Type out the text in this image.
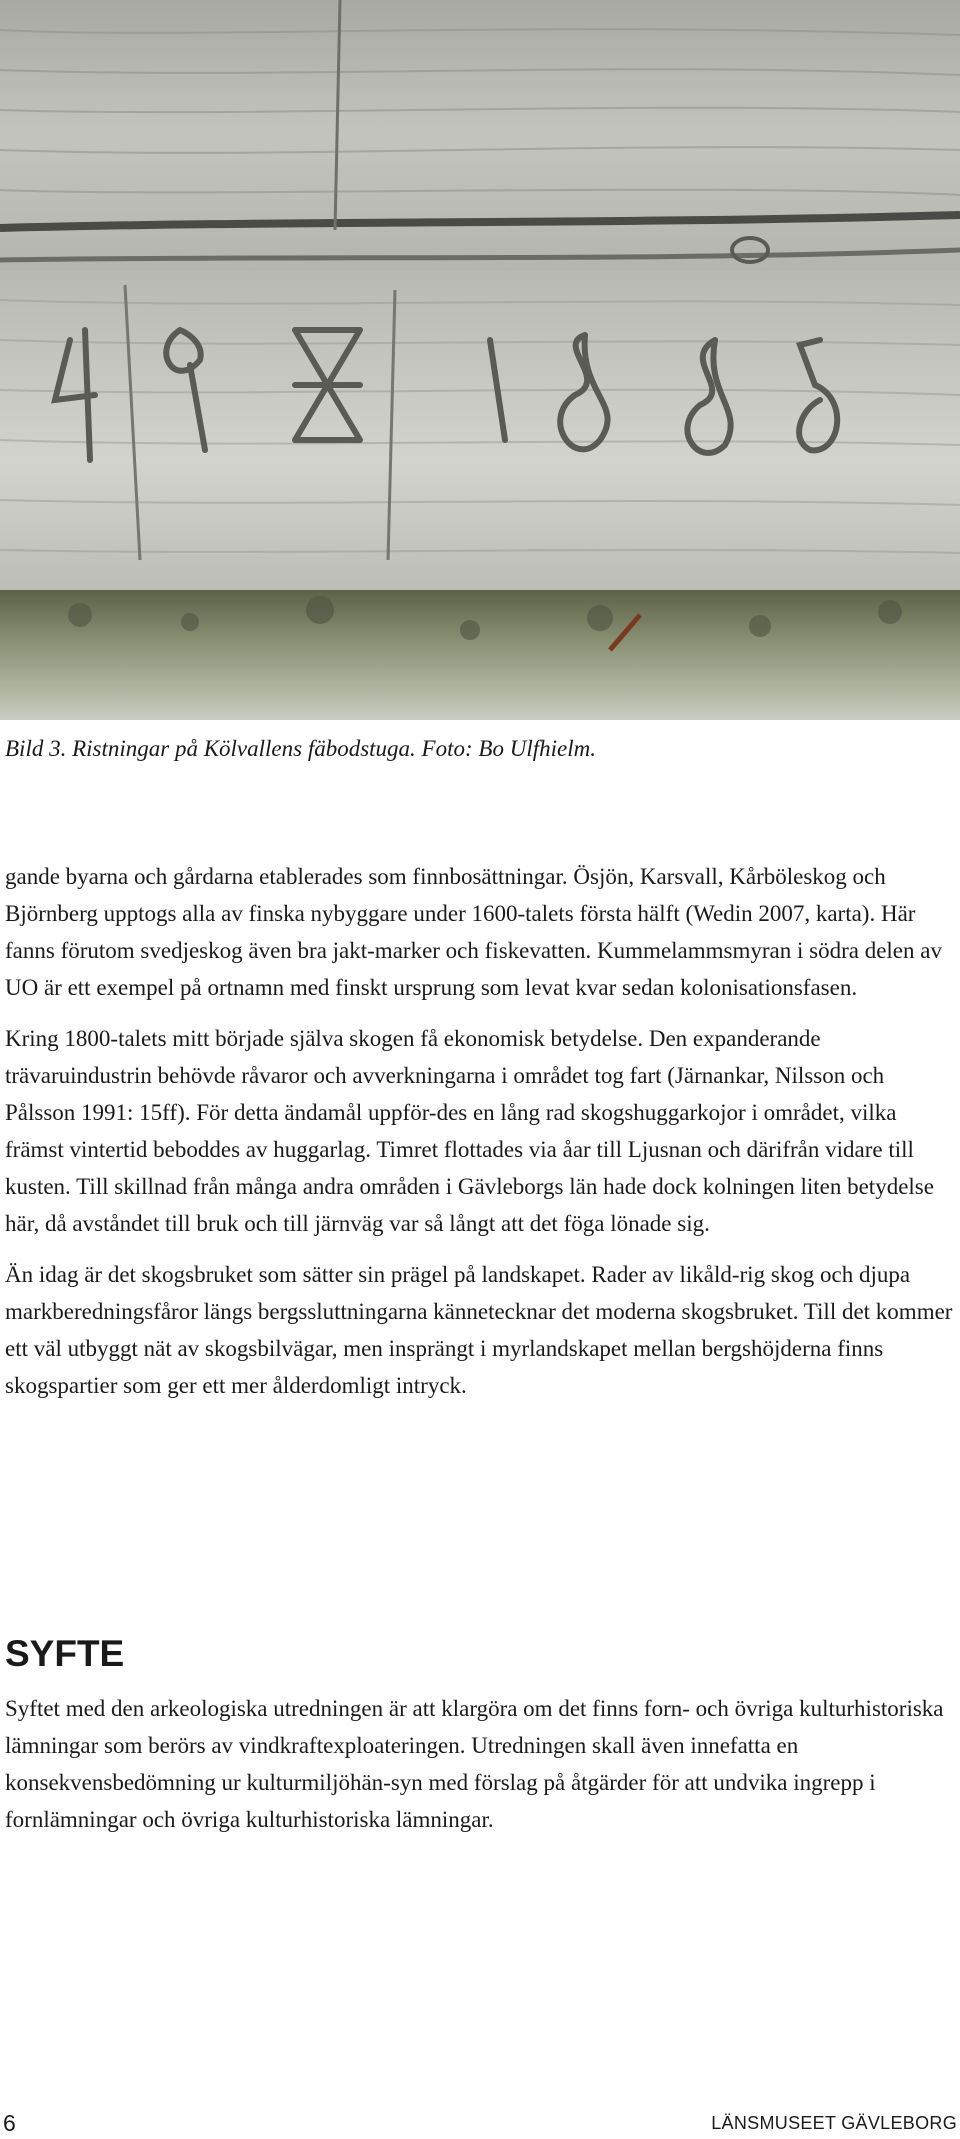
Bild 3. Ristningar på Kölvallens fäbodstuga. Foto: Bo Ulfhielm.

gande byarna och gårdarna etablerades som finnbosättningar. Ösjön, Karsvall, Kårböleskog och Björnberg upptogs alla av finska nybyggare under 1600-talets första hälft (Wedin 2007, karta). Här fanns förutom svedjeskog även bra jakt-marker och fiskevatten. Kummelammsmyran i södra delen av UO är ett exempel på ortnamn med finskt ursprung som levat kvar sedan kolonisationsfasen.

Kring 1800-talets mitt började själva skogen få ekonomisk betydelse. Den expanderande trävaruindustrin behövde råvaror och avverkningarna i området tog fart (Järnankar, Nilsson och Pålsson 1991: 15ff). För detta ändamål uppför-des en lång rad skogshuggarkojor i området, vilka främst vintertid beboddes av huggarlag. Timret flottades via åar till Ljusnan och därifrån vidare till kusten. Till skillnad från många andra områden i Gävleborgs län hade dock kolningen liten betydelse här, då avståndet till bruk och till järnväg var så långt att det föga lönade sig.

Än idag är det skogsbruket som sätter sin prägel på landskapet. Rader av likåld-rig skog och djupa markberedningsfåror längs bergssluttningarna kännetecknar det moderna skogsbruket. Till det kommer ett väl utbyggt nät av skogsbilvägar, men insprängt i myrlandskapet mellan bergshöjderna finns skogspartier som ger ett mer ålderdomligt intryck.

SYFTE

Syftet med den arkeologiska utredningen är att klargöra om det finns forn- och övriga kulturhistoriska lämningar som berörs av vindkraftexploateringen. Utredningen skall även innefatta en konsekvensbedömning ur kulturmiljöhän-syn med förslag på åtgärder för att undvika ingrepp i fornlämningar och övriga kulturhistoriska lämningar.

6	LÄNSMUSEET GÄVLEBORG
